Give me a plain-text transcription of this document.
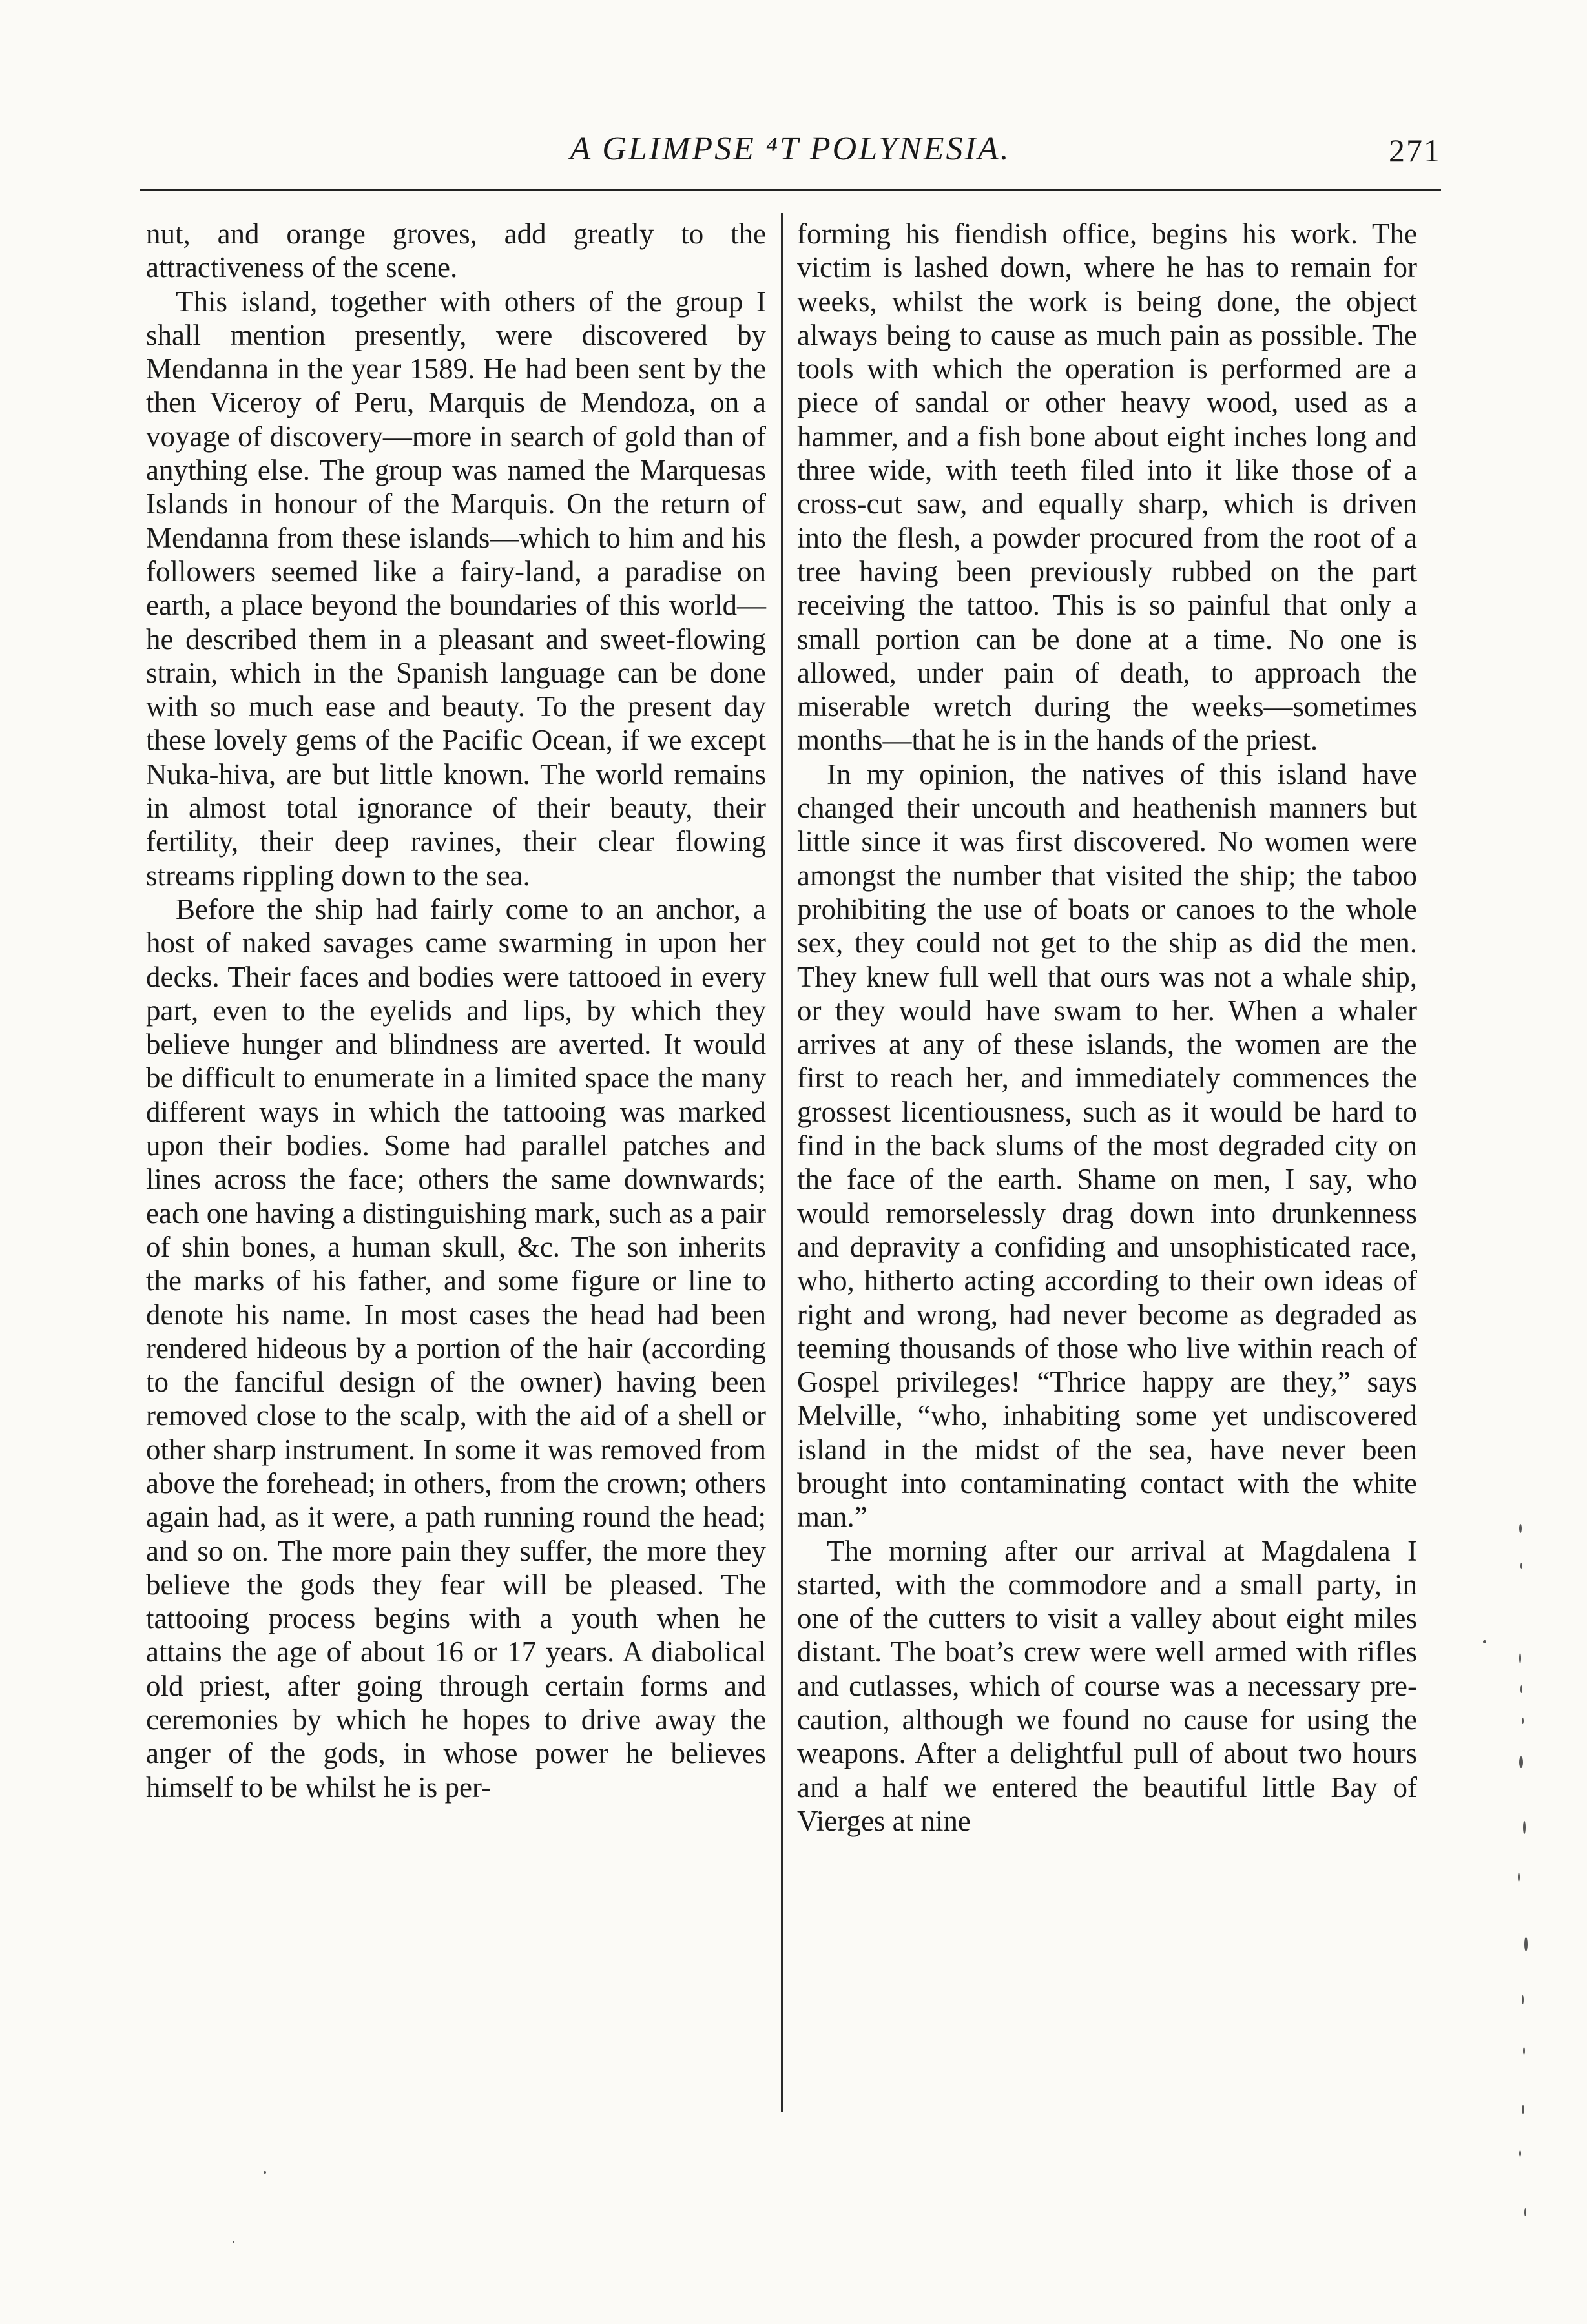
A GLIMPSE ⁴T POLYNESIA.	271

nut, and orange groves, add greatly to the attractiveness of the scene.

This island, together with others of the group I shall mention presently, were discovered by Mendanna in the year 1589. He had been sent by the then Viceroy of Peru, Marquis de Mendoza, on a voyage of discovery—more in search of gold than of anything else. The group was named the Marquesas Islands in honour of the Marquis. On the return of Mendanna from these islands—which to him and his followers seemed like a fairy-land, a paradise on earth, a place beyond the boundaries of this world—he described them in a pleasant and sweet-flowing strain, which in the Spanish language can be done with so much ease and beauty. To the present day these lovely gems of the Pacific Ocean, if we except Nuka-hiva, are but little known. The world remains in almost total ignorance of their beauty, their fertility, their deep ravines, their clear flowing streams rippling down to the sea.

Before the ship had fairly come to an anchor, a host of naked savages came swarming in upon her decks. Their faces and bodies were tattooed in every part, even to the eyelids and lips, by which they believe hunger and blindness are averted. It would be difficult to enumerate in a limited space the many different ways in which the tattooing was marked upon their bodies. Some had parallel patches and lines across the face; others the same downwards; each one having a distinguishing mark, such as a pair of shin bones, a human skull, &c. The son inherits the marks of his father, and some figure or line to denote his name. In most cases the head had been rendered hideous by a portion of the hair (according to the fanciful design of the owner) having been removed close to the scalp, with the aid of a shell or other sharp instrument. In some it was removed from above the forehead; in others, from the crown; others again had, as it were, a path running round the head; and so on. The more pain they suffer, the more they believe the gods they fear will be pleased. The tattooing process begins with a youth when he attains the age of about 16 or 17 years. A diabolical old priest, after going through certain forms and ceremonies by which he hopes to drive away the anger of the gods, in whose power he believes himself to be whilst he is per-

forming his fiendish office, begins his work. The victim is lashed down, where he has to remain for weeks, whilst the work is being done, the object always being to cause as much pain as possible. The tools with which the operation is performed are a piece of sandal or other heavy wood, used as a hammer, and a fish bone about eight inches long and three wide, with teeth filed into it like those of a cross-cut saw, and equally sharp, which is driven into the flesh, a powder procured from the root of a tree having been previously rubbed on the part receiving the tattoo. This is so painful that only a small portion can be done at a time. No one is allowed, under pain of death, to approach the miserable wretch during the weeks—sometimes months—that he is in the hands of the priest.

In my opinion, the natives of this island have changed their uncouth and heathenish manners but little since it was first discovered. No women were amongst the number that visited the ship; the taboo prohibiting the use of boats or canoes to the whole sex, they could not get to the ship as did the men. They knew full well that ours was not a whale ship, or they would have swam to her. When a whaler arrives at any of these islands, the women are the first to reach her, and immediately commences the grossest licentiousness, such as it would be hard to find in the back slums of the most degraded city on the face of the earth. Shame on men, I say, who would remorselessly drag down into drunkenness and depravity a confiding and unsophisticated race, who, hitherto acting according to their own ideas of right and wrong, had never become as degraded as teeming thousands of those who live within reach of Gospel privileges! “Thrice happy are they,” says Melville, “who, inhabiting some yet undiscovered island in the midst of the sea, have never been brought into contaminating contact with the white man.”

The morning after our arrival at Magdalena I started, with the commodore and a small party, in one of the cutters to visit a valley about eight miles distant. The boat’s crew were well armed with rifles and cutlasses, which of course was a necessary precaution, although we found no cause for using the weapons. After a delightful pull of about two hours and a half we entered the beautiful little Bay of Vierges at nine
